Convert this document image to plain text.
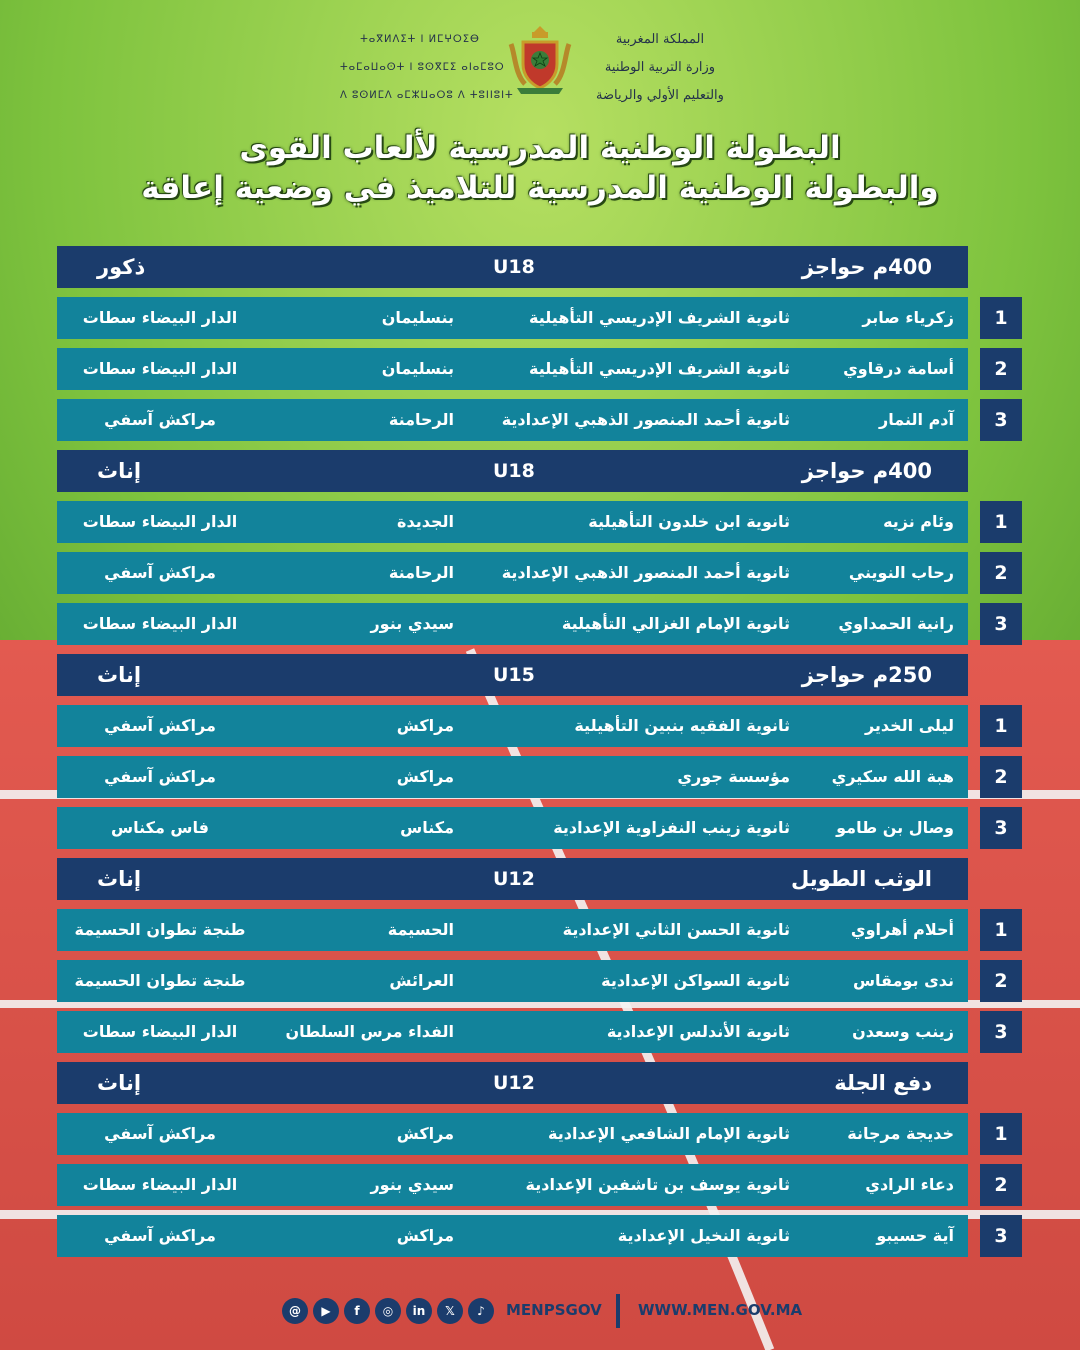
ⵜⴰⴳⵍⴷⵉⵜ ⵏ ⵍⵎⵖⵔⵉⴱ
ⵜⴰⵎⴰⵡⴰⵙⵜ ⵏ ⵓⵙⴳⵎⵉ ⴰⵏⴰⵎⵓⵔ
ⴷ ⵓⵙⵍⵎⴷ ⴰⵎⵣⵡⴰⵔⵓ ⴷ ⵜⵓⵏⵏⵓⵏⵜ
المملكة المغربية
وزارة التربية الوطنية
والتعليم الأولي والرياضة
البطولة الوطنية المدرسية لألعاب القوى
والبطولة الوطنية المدرسية للتلاميذ في وضعية إعاقة
400م حواجز
U18
ذكور
زكرياء صابر
ثانوية الشريف الإدريسي التأهيلية
بنسليمان
الدار البيضاء سطات	1
أسامة درقاوي
ثانوية الشريف الإدريسي التأهيلية
بنسليمان
الدار البيضاء سطات	2
آدم النمار
ثانوية أحمد المنصور الذهبي الإعدادية
الرحامنة
مراكش آسفي	3
400م حواجز
U18
إناث
وئام نزيه
ثانوية ابن خلدون التأهيلية
الجديدة
الدار البيضاء سطات	1
رحاب النويني
ثانوية أحمد المنصور الذهبي الإعدادية
الرحامنة
مراكش آسفي	2
رانية الحمداوي
ثانوية الإمام الغزالي التأهيلية
سيدي بنور
الدار البيضاء سطات	3
250م حواجز
U15
إناث
ليلى الخدير
ثانوية الفقيه بنبين التأهيلية
مراكش
مراكش آسفي	1
هبة الله سكيري
مؤسسة جوري
مراكش
مراكش آسفي	2
وصال بن طامو
ثانوية زينب النفزاوية الإعدادية
مكناس
فاس مكناس	3
الوثب الطويل
U12
إناث
أحلام أهراوي
ثانوية الحسن الثاني الإعدادية
الحسيمة
طنجة تطوان الحسيمة	1
ندى بومقاس
ثانوية السواكن الإعدادية
العرائش
طنجة تطوان الحسيمة	2
زينب وسعدن
ثانوية الأندلس الإعدادية
الفداء مرس السلطان
الدار البيضاء سطات	3
دفع الجلة
U12
إناث
خديجة مرجانة
ثانوية الإمام الشافعي الإعدادية
مراكش
مراكش آسفي	1
دعاء الرادي
ثانوية يوسف بن تاشفين الإعدادية
سيدي بنور
الدار البيضاء سطات	2
آية حسيبو
ثانوية النخيل الإعدادية
مراكش
مراكش آسفي	3
@	▶	f	◎	in	𝕏	♪	MENPSGOV WWW.MEN.GOV.MA
